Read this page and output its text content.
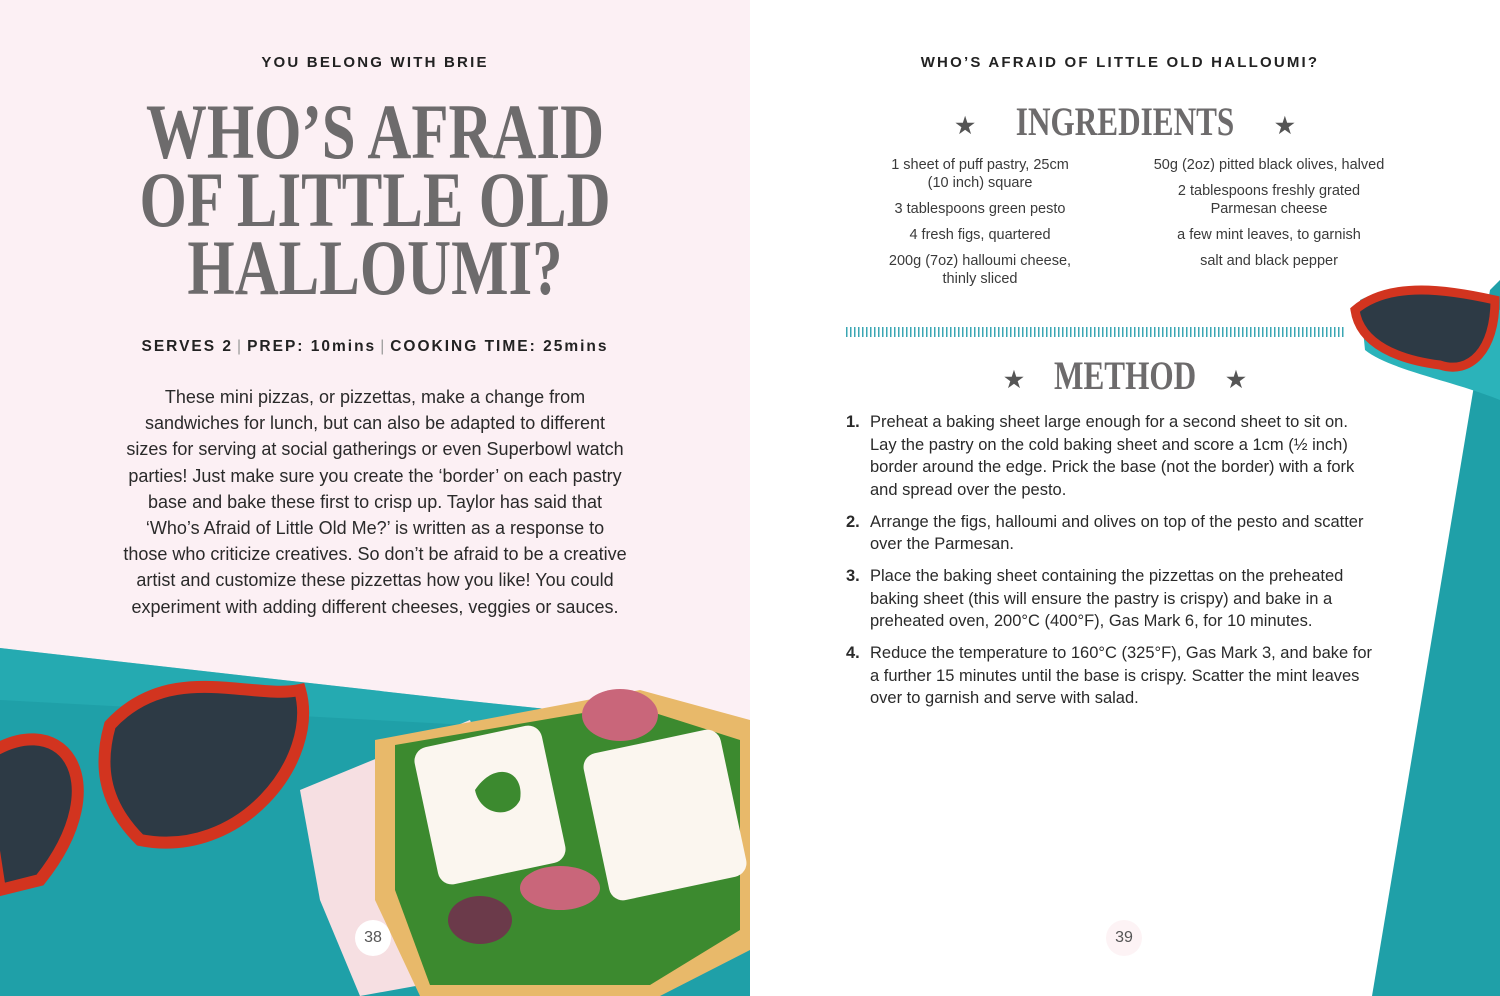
YOU BELONG WITH BRIE
WHO’S AFRAID
OF LITTLE OLD
HALLOUMI?
SERVES 2 | PREP: 10mins | COOKING TIME: 25mins
These mini pizzas, or pizzettas, make a change from
sandwiches for lunch, but can also be adapted to different
sizes for serving at social gatherings or even Superbowl watch
parties! Just make sure you create the ‘border’ on each pastry
base and bake these first to crisp up. Taylor has said that
‘Who’s Afraid of Little Old Me?’ is written as a response to
those who criticize creatives. So don’t be afraid to be a creative
artist and customize these pizzettas how you like! You could
experiment with adding different cheeses, veggies or sauces.
38
WHO’S AFRAID OF LITTLE OLD HALLOUMI?
★ INGREDIENTS ★
1 sheet of puff pastry, 25cm
(10 inch) square
3 tablespoons green pesto
4 fresh figs, quartered
200g (7oz) halloumi cheese,
thinly sliced
50g (2oz) pitted black olives, halved
2 tablespoons freshly grated
Parmesan cheese
a few mint leaves, to garnish
salt and black pepper
★ METHOD ★
1. Preheat a baking sheet large enough for a second sheet to sit on.
Lay the pastry on the cold baking sheet and score a 1cm (½ inch)
border around the edge. Prick the base (not the border) with a fork
and spread over the pesto.
2. Arrange the figs, halloumi and olives on top of the pesto and scatter
over the Parmesan.
3. Place the baking sheet containing the pizzettas on the preheated
baking sheet (this will ensure the pastry is crispy) and bake in a
preheated oven, 200°C (400°F), Gas Mark 6, for 10 minutes.
4. Reduce the temperature to 160°C (325°F), Gas Mark 3, and bake for
a further 15 minutes until the base is crispy. Scatter the mint leaves
over to garnish and serve with salad.
39
